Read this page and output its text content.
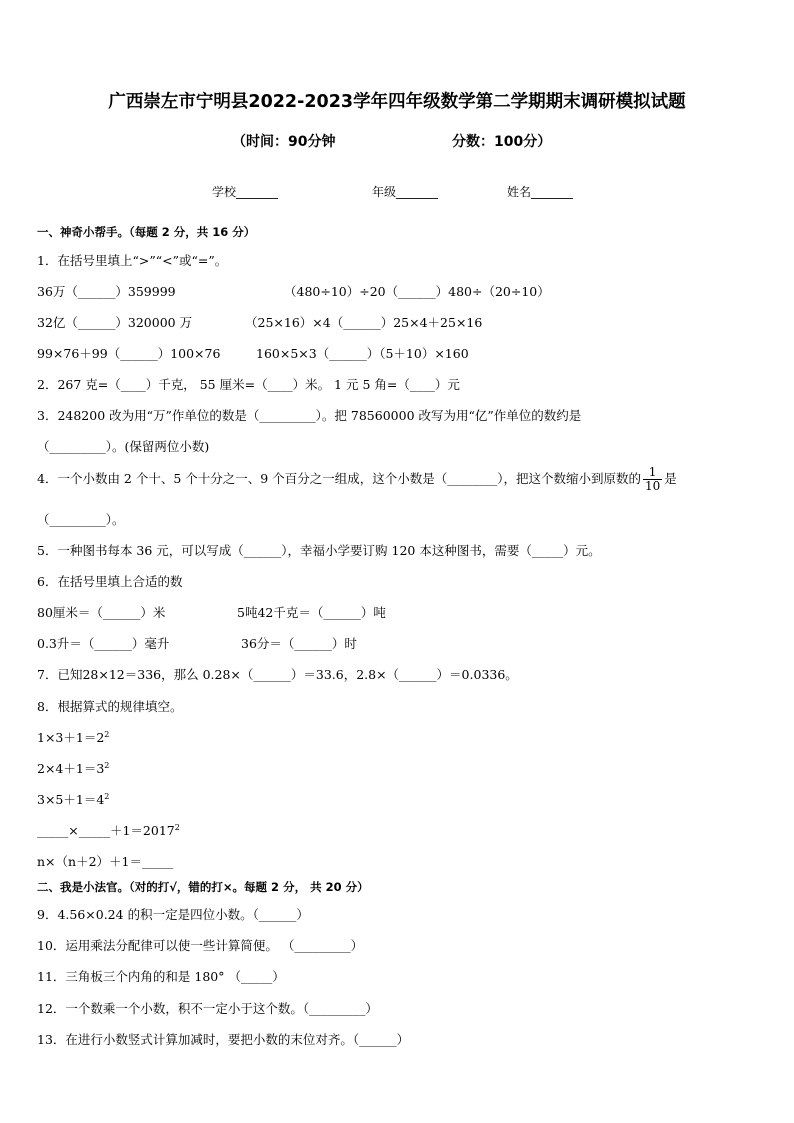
广西崇左市宁明县2022-2023学年四年级数学第二学期期末调研模拟试题
（时间：90分钟	分数：100分）
学校_______	年级_______	姓名_______
一、神奇小帮手。（每题 2 分，共 16 分）
1．在括号里填上“>”“<”或“=”。
36万（______）359999	（480÷10）÷20（______）480÷（20÷10）
32亿（______）320000 万	（25×16）×4（______）25×4＋25×16
99×76＋99（______）100×76	160×5×3（______）（5＋10）×160
2．267 克=（____）千克， 55 厘米=（____）米。 1 元 5 角=（____）元
3．248200 改为用“万”作单位的数是（_________）。把 78560000 改写为用“亿”作单位的数约是
（_________）。(保留两位小数)
4．一个小数由 2 个十、5 个十分之一、9 个百分之一组成，这个小数是（________），把这个数缩小到原数的 $\frac{1}{10}$ 是
（_________）。
5．一种图书每本 36 元，可以写成（______），幸福小学要订购 120 本这种图书，需要（_____）元。
6．在括号里填上合适的数
80厘米＝（______）米	5吨42千克＝（______）吨
0.3升＝（______）毫升	36分＝（______）时
7．已知28×12＝336，那么 0.28×（______）＝33.6，2.8×（______）＝0.0336。
8．根据算式的规律填空。
$1\times 3+1=2^2$
$2\times 4+1=3^2$
$3\times 5+1=4^2$
$\_\_\_\_\_\times\_\_\_\_\_+1=2017^2$
n×（n＋2）＋1＝_____
二、我是小法官。（对的打√，错的打×。每题 2 分， 共 20 分）
9．4.56×0.24 的积一定是四位小数。（______）
10．运用乘法分配律可以使一些计算简便。 （_________）
11．三角板三个内角的和是 180° （_____）
12．一个数乘一个小数，积不一定小于这个数。（_________）
13．在进行小数竖式计算加减时，要把小数的末位对齐。（______）
